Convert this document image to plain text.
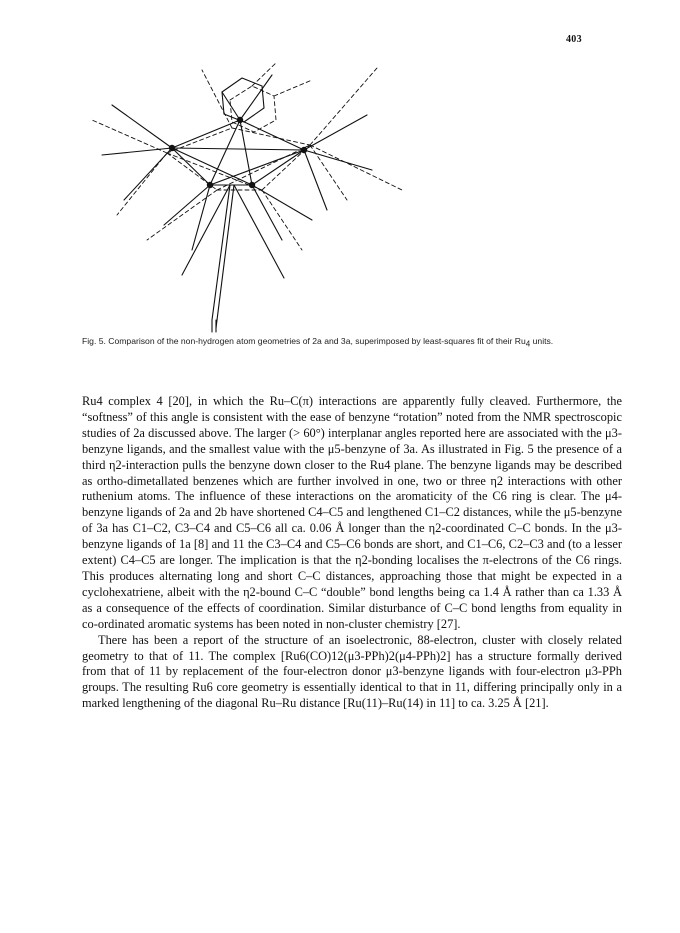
403
Fig. 5. Comparison of the non-hydrogen atom geometries of 2a and 3a, superimposed by least-squares fit of their $Ru_4$ units.

Ru4 complex 4 [20], in which the Ru–C(π) interactions are apparently fully cleaved. Furthermore, the “softness” of this angle is consistent with the ease of benzyne “rotation” noted from the NMR spectroscopic studies of 2a discussed above. The larger (> 60°) interplanar angles reported here are associated with the μ3-benzyne ligands, and the smallest value with the μ5-benzyne of 3a. As illustrated in Fig. 5 the presence of a third η2-interaction pulls the benzyne down closer to the Ru4 plane. The benzyne ligands may be described as ortho-dimetallated benzenes which are further involved in one, two or three η2 interactions with other ruthenium atoms. The influence of these interactions on the aromaticity of the C6 ring is clear. The μ4-benzyne ligands of 2a and 2b have shortened C4–C5 and lengthened C1–C2 distances, while the μ5-benzyne of 3a has C1–C2, C3–C4 and C5–C6 all ca. 0.06 Å longer than the η2-coordinated C–C bonds. In the μ3-benzyne ligands of 1a [8] and 11 the C3–C4 and C5–C6 bonds are short, and C1–C6, C2–C3 and (to a lesser extent) C4–C5 are longer. The implication is that the η2-bonding localises the π-electrons of the C6 rings. This produces alternating long and short C–C distances, approaching those that might be expected in a cyclohexatriene, albeit with the η2-bound C–C “double” bond lengths being ca 1.4 Å rather than ca 1.33 Å as a consequence of the effects of coordination. Similar disturbance of C–C bond lengths from equality in co-ordinated aromatic systems has been noted in non-cluster chemistry [27].

There has been a report of the structure of an isoelectronic, 88-electron, cluster with closely related geometry to that of 11. The complex [Ru6(CO)12(μ3-PPh)2(μ4-PPh)2] has a structure formally derived from that of 11 by replacement of the four-electron donor μ3-benzyne ligands with four-electron μ3-PPh groups. The resulting Ru6 core geometry is essentially identical to that in 11, differing principally only in a marked lengthening of the diagonal Ru–Ru distance [Ru(11)–Ru(14) in 11] to ca. 3.25 Å [21].
